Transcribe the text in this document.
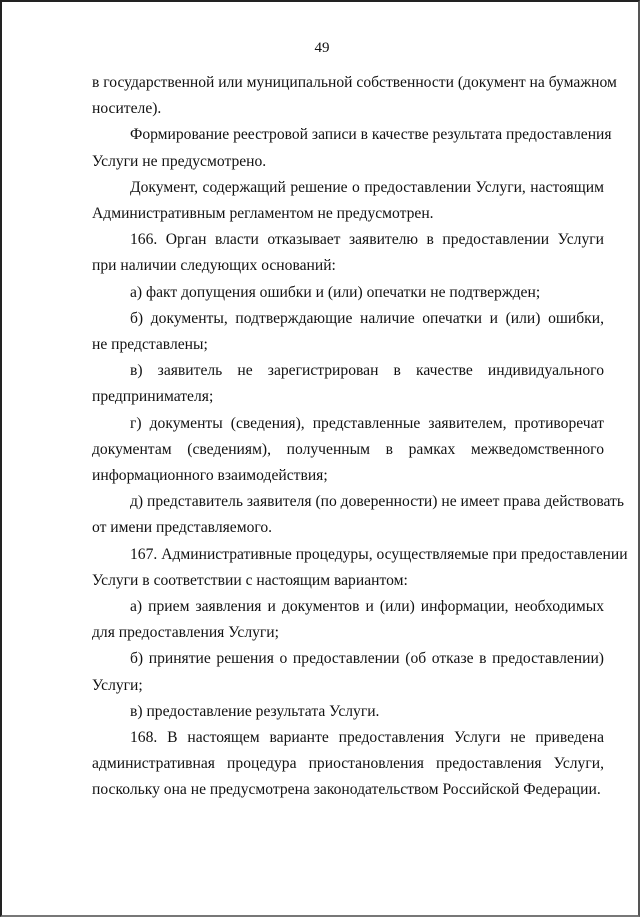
49
в государственной или муниципальной собственности (документ на бумажном
носителе).
Формирование реестровой записи в качестве результата предоставления
Услуги не предусмотрено.
Документ, содержащий решение о предоставлении Услуги, настоящим
Административным регламентом не предусмотрен.
166. Орган власти отказывает заявителю в предоставлении Услуги
при наличии следующих оснований:
а) факт допущения ошибки и (или) опечатки не подтвержден;
б) документы, подтверждающие наличие опечатки и (или) ошибки,
не представлены;
в) заявитель не зарегистрирован в качестве индивидуального
предпринимателя;
г) документы (сведения), представленные заявителем, противоречат
документам (сведениям), полученным в рамках межведомственного
информационного взаимодействия;
д) представитель заявителя (по доверенности) не имеет права действовать
от имени представляемого.
167. Административные процедуры, осуществляемые при предоставлении
Услуги в соответствии с настоящим вариантом:
а) прием заявления и документов и (или) информации, необходимых
для предоставления Услуги;
б) принятие решения о предоставлении (об отказе в предоставлении)
Услуги;
в) предоставление результата Услуги.
168. В настоящем варианте предоставления Услуги не приведена
административная процедура приостановления предоставления Услуги,
поскольку она не предусмотрена законодательством Российской Федерации.
